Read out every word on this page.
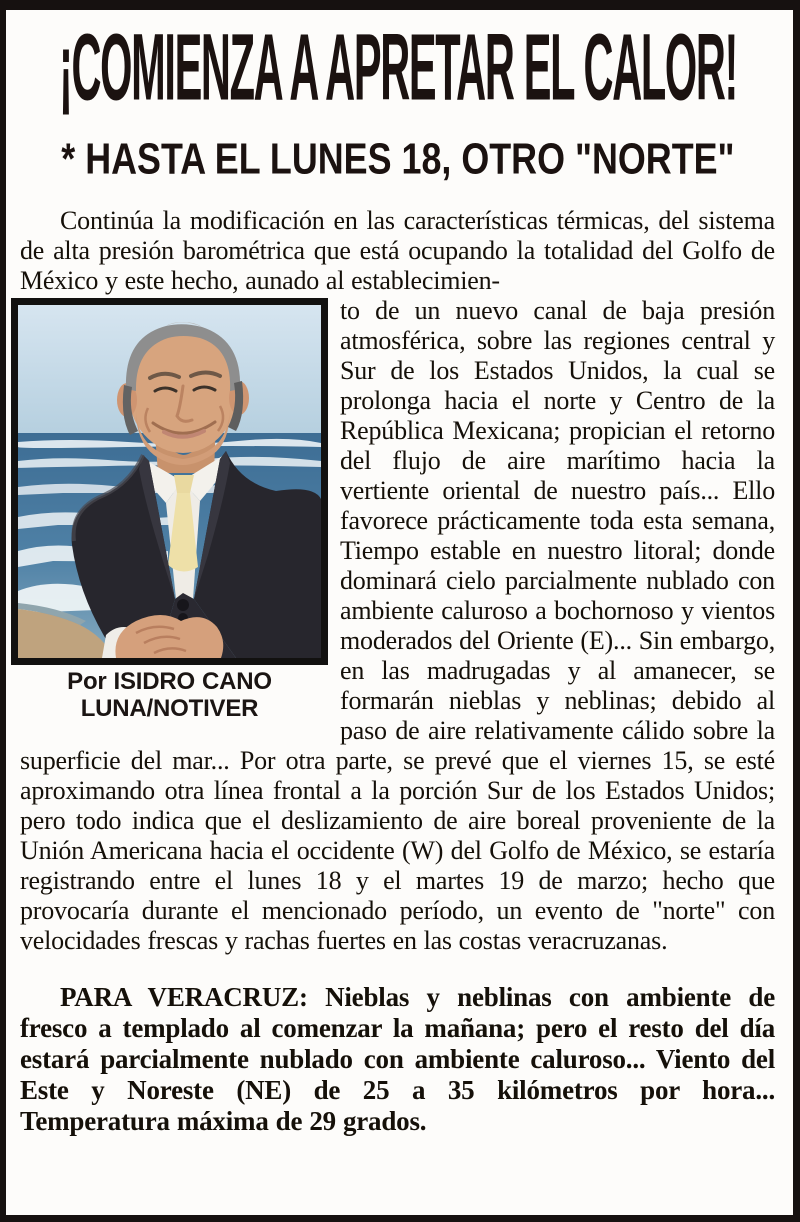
¡COMIENZA A APRETAR EL CALOR!
* HASTA EL LUNES 18, OTRO "NORTE"

Continúa la modificación en las características térmicas, del sistema de alta presión barométrica que está ocupando la totalidad del Golfo de México y este hecho, aunado al establecimien-

Por ISIDRO CANO
LUNA/NOTIVER
to de un nuevo canal de baja presión atmosférica, sobre las regiones central y Sur de los Estados Unidos, la cual se prolonga hacia el norte y Centro de la República Mexicana; propician el retorno del flujo de aire marítimo hacia la vertiente oriental de nuestro país... Ello favorece prácticamente toda esta semana, Tiempo estable en nuestro litoral; donde dominará cielo parcialmente nublado con ambiente caluroso a bochornoso y vientos moderados del Oriente (E)... Sin embargo, en las madrugadas y al amanecer, se formarán nieblas y neblinas; debido al paso de aire relativamente cálido sobre la superficie del mar... Por otra parte, se prevé que el viernes 15, se esté aproximando otra línea frontal a la porción Sur de los Estados Unidos; pero todo indica que el deslizamiento de aire boreal proveniente de la Unión Americana hacia el occidente (W) del Golfo de México, se estaría registrando entre el lunes 18 y el martes 19 de marzo; hecho que provocaría durante el mencionado período, un evento de "norte" con velocidades frescas y rachas fuertes en las costas veracruzanas.

PARA VERACRUZ: Nieblas y neblinas con ambiente de fresco a templado al comenzar la mañana; pero el resto del día estará parcialmente nublado con ambiente caluroso... Viento del Este y Noreste (NE) de 25 a 35 kilómetros por hora... Temperatura máxima de 29 grados.
